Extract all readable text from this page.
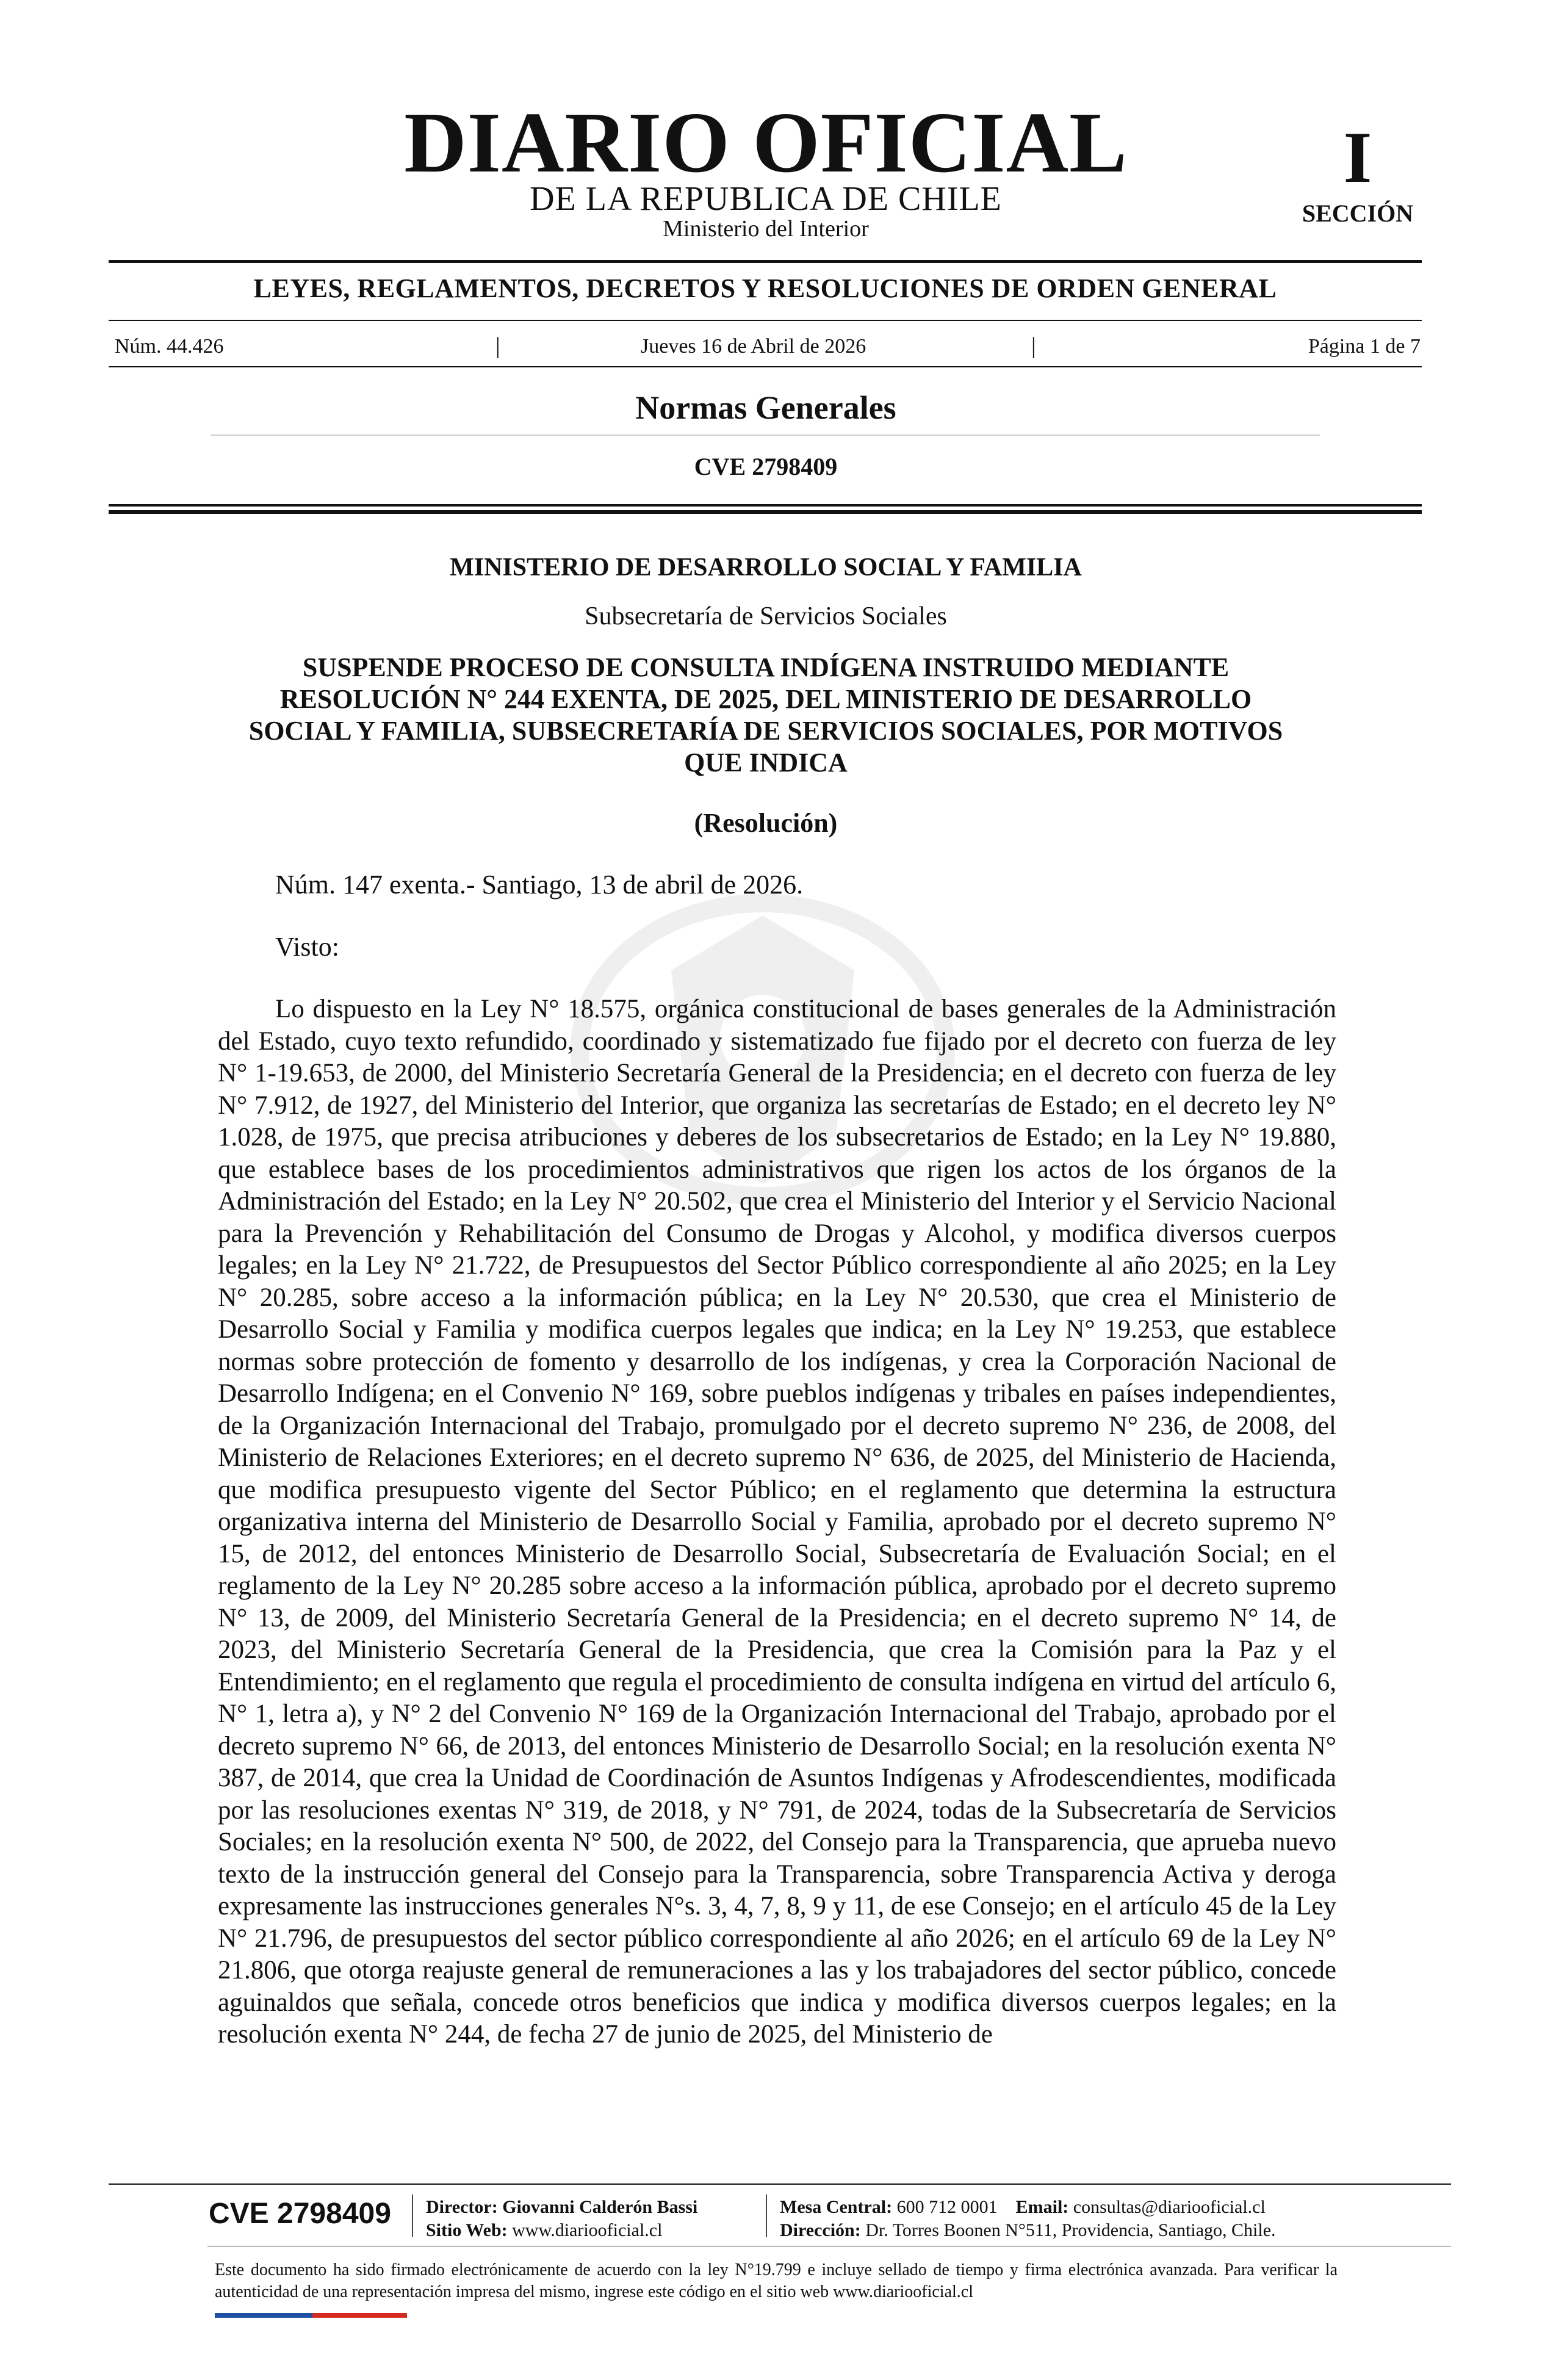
DIARIO OFICIAL
DE LA REPUBLICA DE CHILE
Ministerio del Interior
I
SECCIÓN
LEYES, REGLAMENTOS, DECRETOS Y RESOLUCIONES DE ORDEN GENERAL
Núm. 44.426	|	Jueves 16 de Abril de 2026	|	Página 1 de 7
Normas Generales
CVE 2798409
MINISTERIO DE DESARROLLO SOCIAL Y FAMILIA
Subsecretaría de Servicios Sociales
SUSPENDE PROCESO DE CONSULTA INDÍGENA INSTRUIDO MEDIANTE RESOLUCIÓN N° 244 EXENTA, DE 2025, DEL MINISTERIO DE DESARROLLO SOCIAL Y FAMILIA, SUBSECRETARÍA DE SERVICIOS SOCIALES, POR MOTIVOS QUE INDICA
(Resolución)
Núm. 147 exenta.- Santiago, 13 de abril de 2026.
Visto:

Lo dispuesto en la Ley N° 18.575, orgánica constitucional de bases generales de la Administración del Estado, cuyo texto refundido, coordinado y sistematizado fue fijado por el decreto con fuerza de ley N° 1-19.653, de 2000, del Ministerio Secretaría General de la Presidencia; en el decreto con fuerza de ley N° 7.912, de 1927, del Ministerio del Interior, que organiza las secretarías de Estado; en el decreto ley N° 1.028, de 1975, que precisa atribuciones y deberes de los subsecretarios de Estado; en la Ley N° 19.880, que establece bases de los procedimientos administrativos que rigen los actos de los órganos de la Administración del Estado; en la Ley N° 20.502, que crea el Ministerio del Interior y el Servicio Nacional para la Prevención y Rehabilitación del Consumo de Drogas y Alcohol, y modifica diversos cuerpos legales; en la Ley N° 21.722, de Presupuestos del Sector Público correspondiente al año 2025; en la Ley N° 20.285, sobre acceso a la información pública; en la Ley N° 20.530, que crea el Ministerio de Desarrollo Social y Familia y modifica cuerpos legales que indica; en la Ley N° 19.253, que establece normas sobre protección de fomento y desarrollo de los indígenas, y crea la Corporación Nacional de Desarrollo Indígena; en el Convenio N° 169, sobre pueblos indígenas y tribales en países independientes, de la Organización Internacional del Trabajo, promulgado por el decreto supremo N° 236, de 2008, del Ministerio de Relaciones Exteriores; en el decreto supremo N° 636, de 2025, del Ministerio de Hacienda, que modifica presupuesto vigente del Sector Público; en el reglamento que determina la estructura organizativa interna del Ministerio de Desarrollo Social y Familia, aprobado por el decreto supremo N° 15, de 2012, del entonces Ministerio de Desarrollo Social, Subsecretaría de Evaluación Social; en el reglamento de la Ley N° 20.285 sobre acceso a la información pública, aprobado por el decreto supremo N° 13, de 2009, del Ministerio Secretaría General de la Presidencia; en el decreto supremo N° 14, de 2023, del Ministerio Secretaría General de la Presidencia, que crea la Comisión para la Paz y el Entendimiento; en el reglamento que regula el procedimiento de consulta indígena en virtud del artículo 6, N° 1, letra a), y N° 2 del Convenio N° 169 de la Organización Internacional del Trabajo, aprobado por el decreto supremo N° 66, de 2013, del entonces Ministerio de Desarrollo Social; en la resolución exenta N° 387, de 2014, que crea la Unidad de Coordinación de Asuntos Indígenas y Afrodescendientes, modificada por las resoluciones exentas N° 319, de 2018, y N° 791, de 2024, todas de la Subsecretaría de Servicios Sociales; en la resolución exenta N° 500, de 2022, del Consejo para la Transparencia, que aprueba nuevo texto de la instrucción general del Consejo para la Transparencia, sobre Transparencia Activa y deroga expresamente las instrucciones generales N°s. 3, 4, 7, 8, 9 y 11, de ese Consejo; en el artículo 45 de la Ley N° 21.796, de presupuestos del sector público correspondiente al año 2026; en el artículo 69 de la Ley N° 21.806, que otorga reajuste general de remuneraciones a las y los trabajadores del sector público, concede aguinaldos que señala, concede otros beneficios que indica y modifica diversos cuerpos legales; en la resolución exenta N° 244, de fecha 27 de junio de 2025, del Ministerio de

CVE 2798409 Director: Giovanni Calderón Bassi
Sitio Web: www.diariooficial.cl
Mesa Central: 600 712 0001 Email: consultas@diariooficial.cl
Dirección: Dr. Torres Boonen N°511, Providencia, Santiago, Chile.
Este documento ha sido firmado electrónicamente de acuerdo con la ley N°19.799 e incluye sellado de tiempo y firma electrónica avanzada. Para verificar la autenticidad de una representación impresa del mismo, ingrese este código en el sitio web www.diariooficial.cl
